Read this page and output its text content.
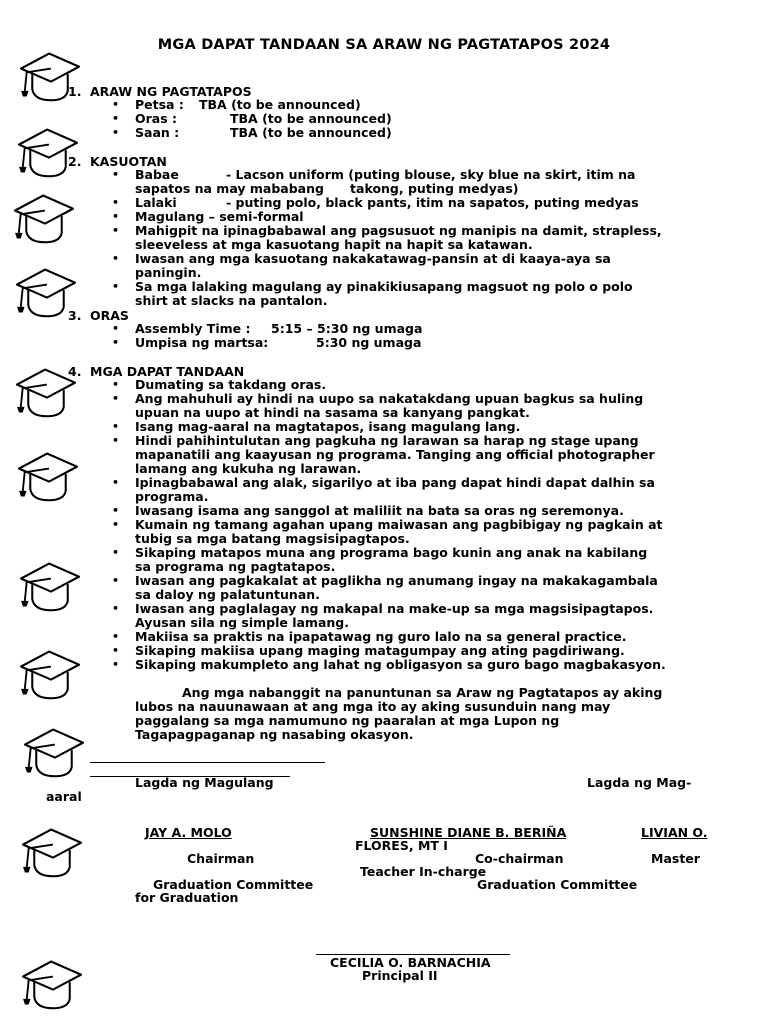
MGA DAPAT TANDAAN SA ARAW NG PAGTATAPOS 2024
1. ARAW NG PAGTATAPOS
• Petsa : TBA (to be announced)
• Oras :	TBA (to be announced)
• Saan :	TBA (to be announced)
2. KASUOTAN
• Babae	- Lacson uniform (puting blouse, sky blue na skirt, itim na
sapatos na may mababang      takong, puting medyas)
• Lalaki	- puting polo, black pants, itim na sapatos, puting medyas
• Magulang – semi-formal
• Mahigpit na ipinagbabawal ang pagsusuot ng manipis na damit, strapless,
sleeveless at mga kasuotang hapit na hapit sa katawan.
• Iwasan ang mga kasuotang nakakatawag-pansin at di kaaya-aya sa
paningin.
• Sa mga lalaking magulang ay pinakikiusapang magsuot ng polo o polo
shirt at slacks na pantalon.
3. ORAS
• Assembly Time : 5:15 – 5:30 ng umaga
• Umpisa ng martsa:	5:30 ng umaga
4. MGA DAPAT TANDAAN
• Dumating sa takdang oras.
• Ang mahuhuli ay hindi na uupo sa nakatakdang upuan bagkus sa huling
upuan na uupo at hindi na sasama sa kanyang pangkat.
• Isang mag-aaral na magtatapos, isang magulang lang.
• Hindi pahihintulutan ang pagkuha ng larawan sa harap ng stage upang
mapanatili ang kaayusan ng programa. Tanging ang official photographer
lamang ang kukuha ng larawan.
• Ipinagbabawal ang alak, sigarilyo at iba pang dapat hindi dapat dalhin sa
programa.
• Iwasang isama ang sanggol at maliliit na bata sa oras ng seremonya.
• Kumain ng tamang agahan upang maiwasan ang pagbibigay ng pagkain at
tubig sa mga batang magsisipagtapos.
• Sikaping matapos muna ang programa bago kunin ang anak na kabilang
sa programa ng pagtatapos.
• Iwasan ang pagkakalat at paglikha ng anumang ingay na makakagambala
sa daloy ng palatuntunan.
• Iwasan ang paglalagay ng makapal na make-up sa mga magsisipagtapos.
Ayusan sila ng simple lamang.
• Makiisa sa praktis na ipapatawag ng guro lalo na sa general practice.
• Sikaping makiisa upang maging matagumpay ang ating pagdiriwang.
• Sikaping makumpleto ang lahat ng obligasyon sa guro bago magbakasyon.
Ang mga nabanggit na panuntunan sa Araw ng Pagtatapos ay aking
lubos na nauunawaan at ang mga ito ay aking susunduin nang may
paggalang sa mga namumuno ng paaralan at mga Lupon ng
Tagapagpaganap ng nasabing okasyon.
Lagda ng Magulang	Lagda ng Mag-
aaral
JAY A. MOLO	SUNSHINE DIANE B. BERIÑA	LIVIAN O.
FLORES, MT I
Chairman	Co-chairman	Master
Teacher In-charge
Graduation Committee	Graduation Committee
for Graduation
CECILIA O. BARNACHIA
Principal II
